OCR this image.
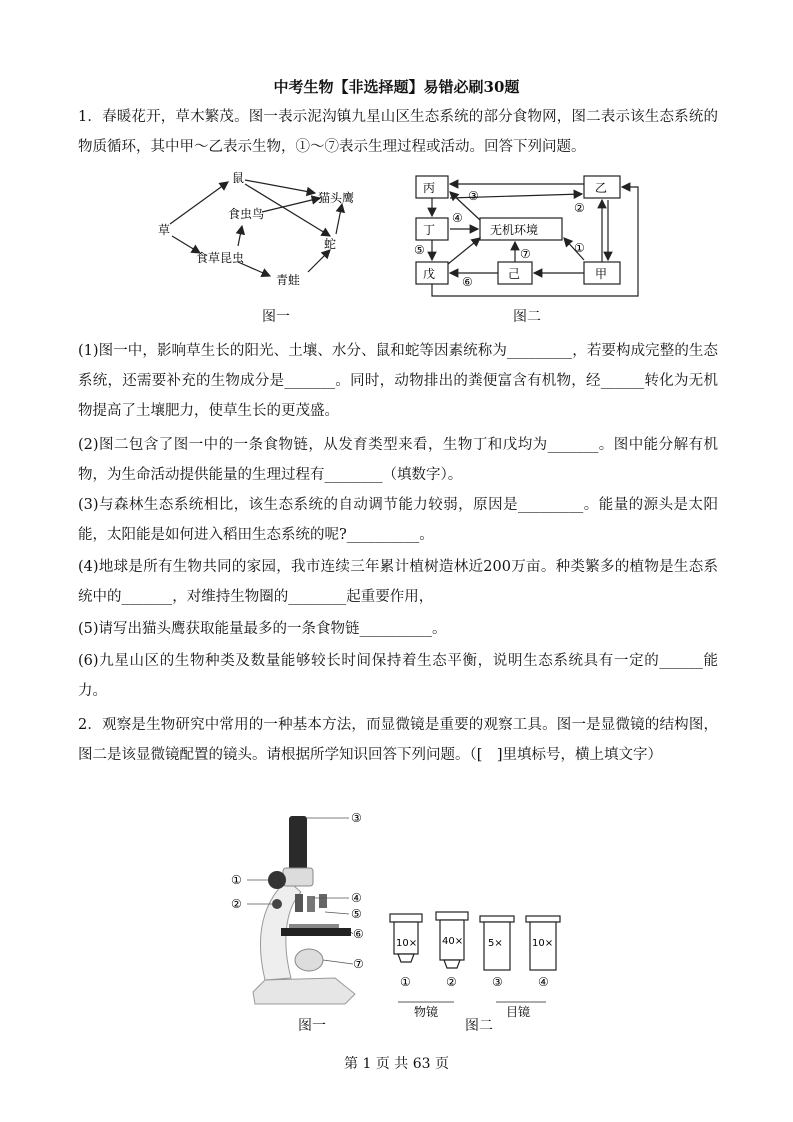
中考生物【非选择题】易错必刷30题
1．春暖花开，草木繁茂。图一表示泥沟镇九星山区生态系统的部分食物网，图二表示该生态系统的物质循环，其中甲～乙表示生物，①～⑦表示生理过程或活动。回答下列问题。
草
鼠
食虫鸟
猫头鹰
食草昆虫
蛇
青蛙
图一
丙	乙
丁	无机环境
戊	己	甲
③
②
④
⑤	⑦	①
⑥
图二
(1)图一中，影响草生长的阳光、土壤、水分、鼠和蛇等因素统称为_________，若要构成完整的生态系统，还需要补充的生物成分是_______。同时，动物排出的粪便富含有机物，经______转化为无机物提高了土壤肥力，使草生长的更茂盛。
(2)图二包含了图一中的一条食物链，从发育类型来看，生物丁和戊均为_______。图中能分解有机物，为生命活动提供能量的生理过程有________（填数字）。
(3)与森林生态系统相比，该生态系统的自动调节能力较弱，原因是_________。能量的源头是太阳能，太阳能是如何进入稻田生态系统的呢?__________。
(4)地球是所有生物共同的家园，我市连续三年累计植树造林近200万亩。种类繁多的植物是生态系统中的_______，对维持生物圈的________起重要作用，
(5)请写出猫头鹰获取能量最多的一条食物链__________。
(6)九星山区的生物种类及数量能够较长时间保持着生态平衡，说明生态系统具有一定的______能力。
2．观察是生物研究中常用的一种基本方法，而显微镜是重要的观察工具。图一是显微镜的结构图，图二是该显微镜配置的镜头。请根据所学知识回答下列问题。（[　]里填标号，横上填文字）
③
①
②	④
⑤
⑥
⑦
图一
10× 40× 5×	10×
①	②	③	④
物镜	目镜
图二
第 1 页 共 63 页
